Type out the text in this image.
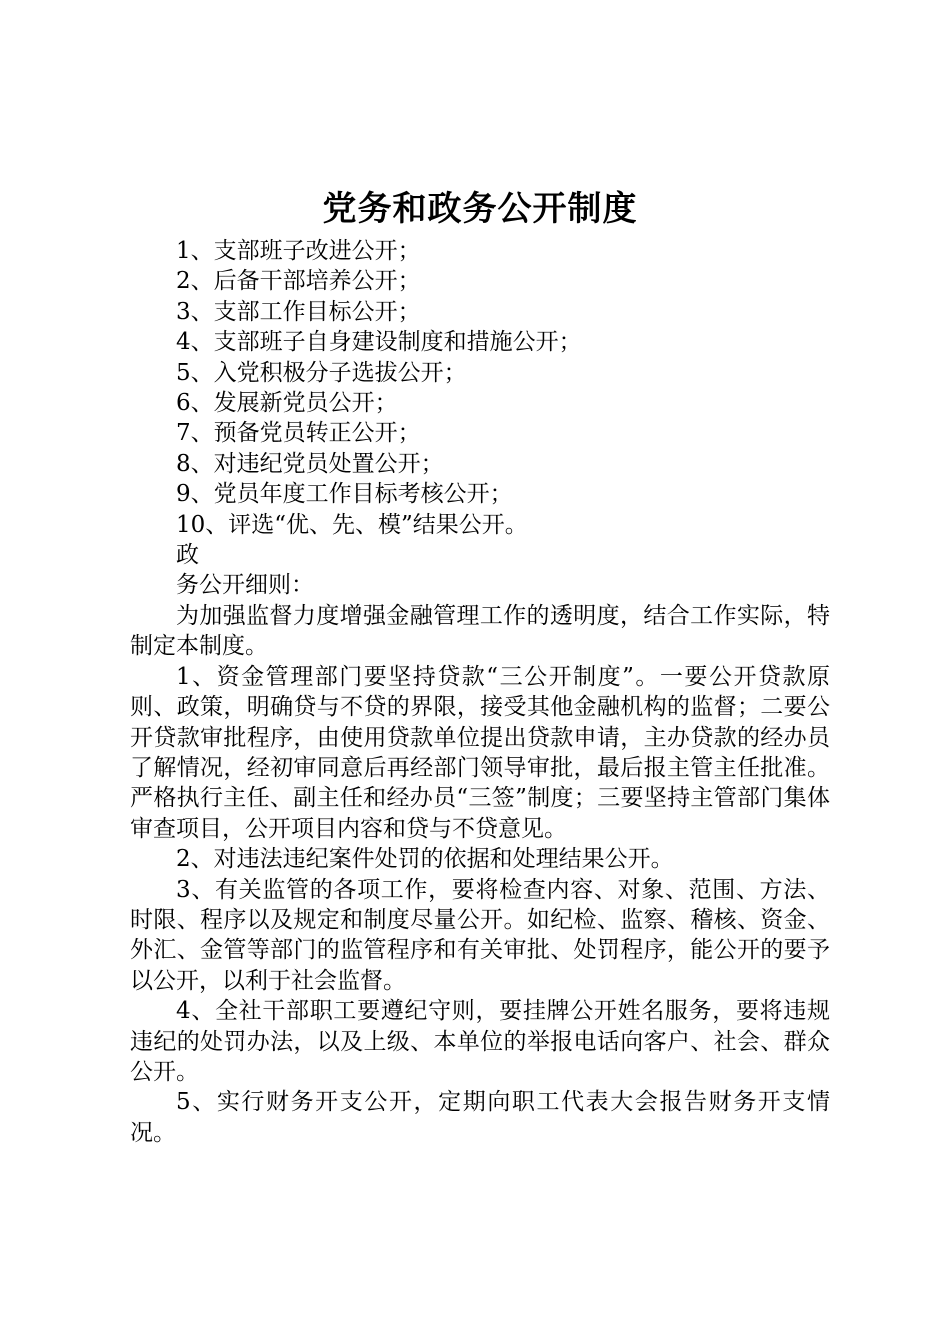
党务和政务公开制度

1、支部班子改进公开；

2、后备干部培养公开；

3、支部工作目标公开；

4、支部班子自身建设制度和措施公开；

5、入党积极分子选拔公开；

6、发展新党员公开；

7、预备党员转正公开；

8、对违纪党员处置公开；

9、党员年度工作目标考核公开；

10、评选“优、先、模”结果公开。

政

务公开细则：

为加强监督力度增强金融管理工作的透明度，结合工作实际，特制定本制度。

1、资金管理部门要坚持贷款“三公开制度”。一要公开贷款原则、政策，明确贷与不贷的界限，接受其他金融机构的监督；二要公开贷款审批程序，由使用贷款单位提出贷款申请，主办贷款的经办员了解情况，经初审同意后再经部门领导审批，最后报主管主任批准。严格执行主任、副主任和经办员“三签”制度；三要坚持主管部门集体审查项目，公开项目内容和贷与不贷意见。

2、对违法违纪案件处罚的依据和处理结果公开。

3、有关监管的各项工作，要将检查内容、对象、范围、方法、时限、程序以及规定和制度尽量公开。如纪检、监察、稽核、资金、外汇、金管等部门的监管程序和有关审批、处罚程序，能公开的要予以公开，以利于社会监督。

4、全社干部职工要遵纪守则，要挂牌公开姓名服务，要将违规违纪的处罚办法，以及上级、本单位的举报电话向客户、社会、群众公开。

5、实行财务开支公开，定期向职工代表大会报告财务开支情况。
